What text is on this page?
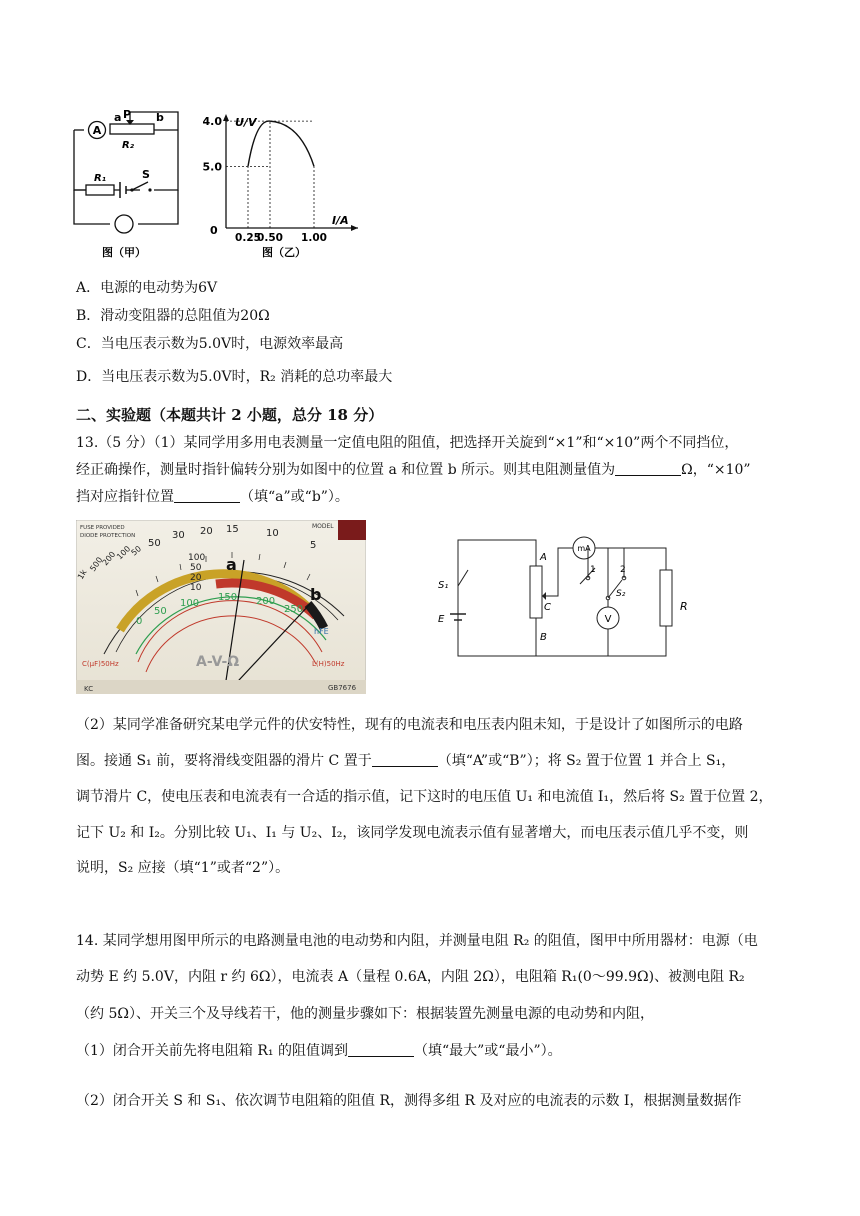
A
a P b
R₂
R₁	S
图（甲）
5.0
4.0
0.25
0.50 1.00
U/V
I/A
0
图（乙）
A．电源的电动势为6V
B．滑动变阻器的总阻值为20Ω
C．当电压表示数为5.0V时，电源效率最高
D．当电压表示数为5.0V时，R₂ 消耗的总功率最大
二、实验题（本题共计 2 小题，总分 18 分）
13.（5 分）（1）某同学用多用电表测量一定值电阻的阻值，把选择开关旋到“×1”和“×10”两个不同挡位，
经正确操作，测量时指针偏转分别为如图中的位置 a 和位置 b 所示。则其电阻测量值为	Ω，“×10”
挡对应指针位置	（填“a”或“b”）。
FUSE PROVIDED
DIODE PROTECTION
MODEL
50
30 20 15	10
5
1k
500
200
100
50
100
50
20
10
0
50
100
150 200
250
a
b
hFE
A-V-Ω
C(μF)50Hz	L(H)50Hz
KC	GB7676
mA
V
S₁
E
A
C
B
1	2
S₂
R
（2）某同学准备研究某电学元件的伏安特性，现有的电流表和电压表内阻未知，于是设计了如图所示的电路
图。接通 S₁ 前，要将滑线变阻器的滑片 C 置于	（填“A”或“B”）；将 S₂ 置于位置 1 并合上 S₁，
调节滑片 C，使电压表和电流表有一合适的指示值，记下这时的电压值 U₁ 和电流值 I₁，然后将 S₂ 置于位置 2，
记下 U₂ 和 I₂。分别比较 U₁、I₁ 与 U₂、I₂，该同学发现电流表示值有显著增大，而电压表示值几乎不变，则
说明，S₂ 应接（填“1”或者“2”）。
14. 某同学想用图甲所示的电路测量电池的电动势和内阻，并测量电阻 R₂ 的阻值，图甲中所用器材：电源（电
动势 E 约 5.0V，内阻 r 约 6Ω），电流表 A（量程 0.6A，内阻 2Ω），电阻箱 R₁(0～99.9Ω)、被测电阻 R₂
（约 5Ω）、开关三个及导线若干，他的测量步骤如下：根据装置先测量电源的电动势和内阻，
（1）闭合开关前先将电阻箱 R₁ 的阻值调到	（填“最大”或“最小”）。
（2）闭合开关 S 和 S₁、依次调节电阻箱的阻值 R，测得多组 R 及对应的电流表的示数 I，根据测量数据作
